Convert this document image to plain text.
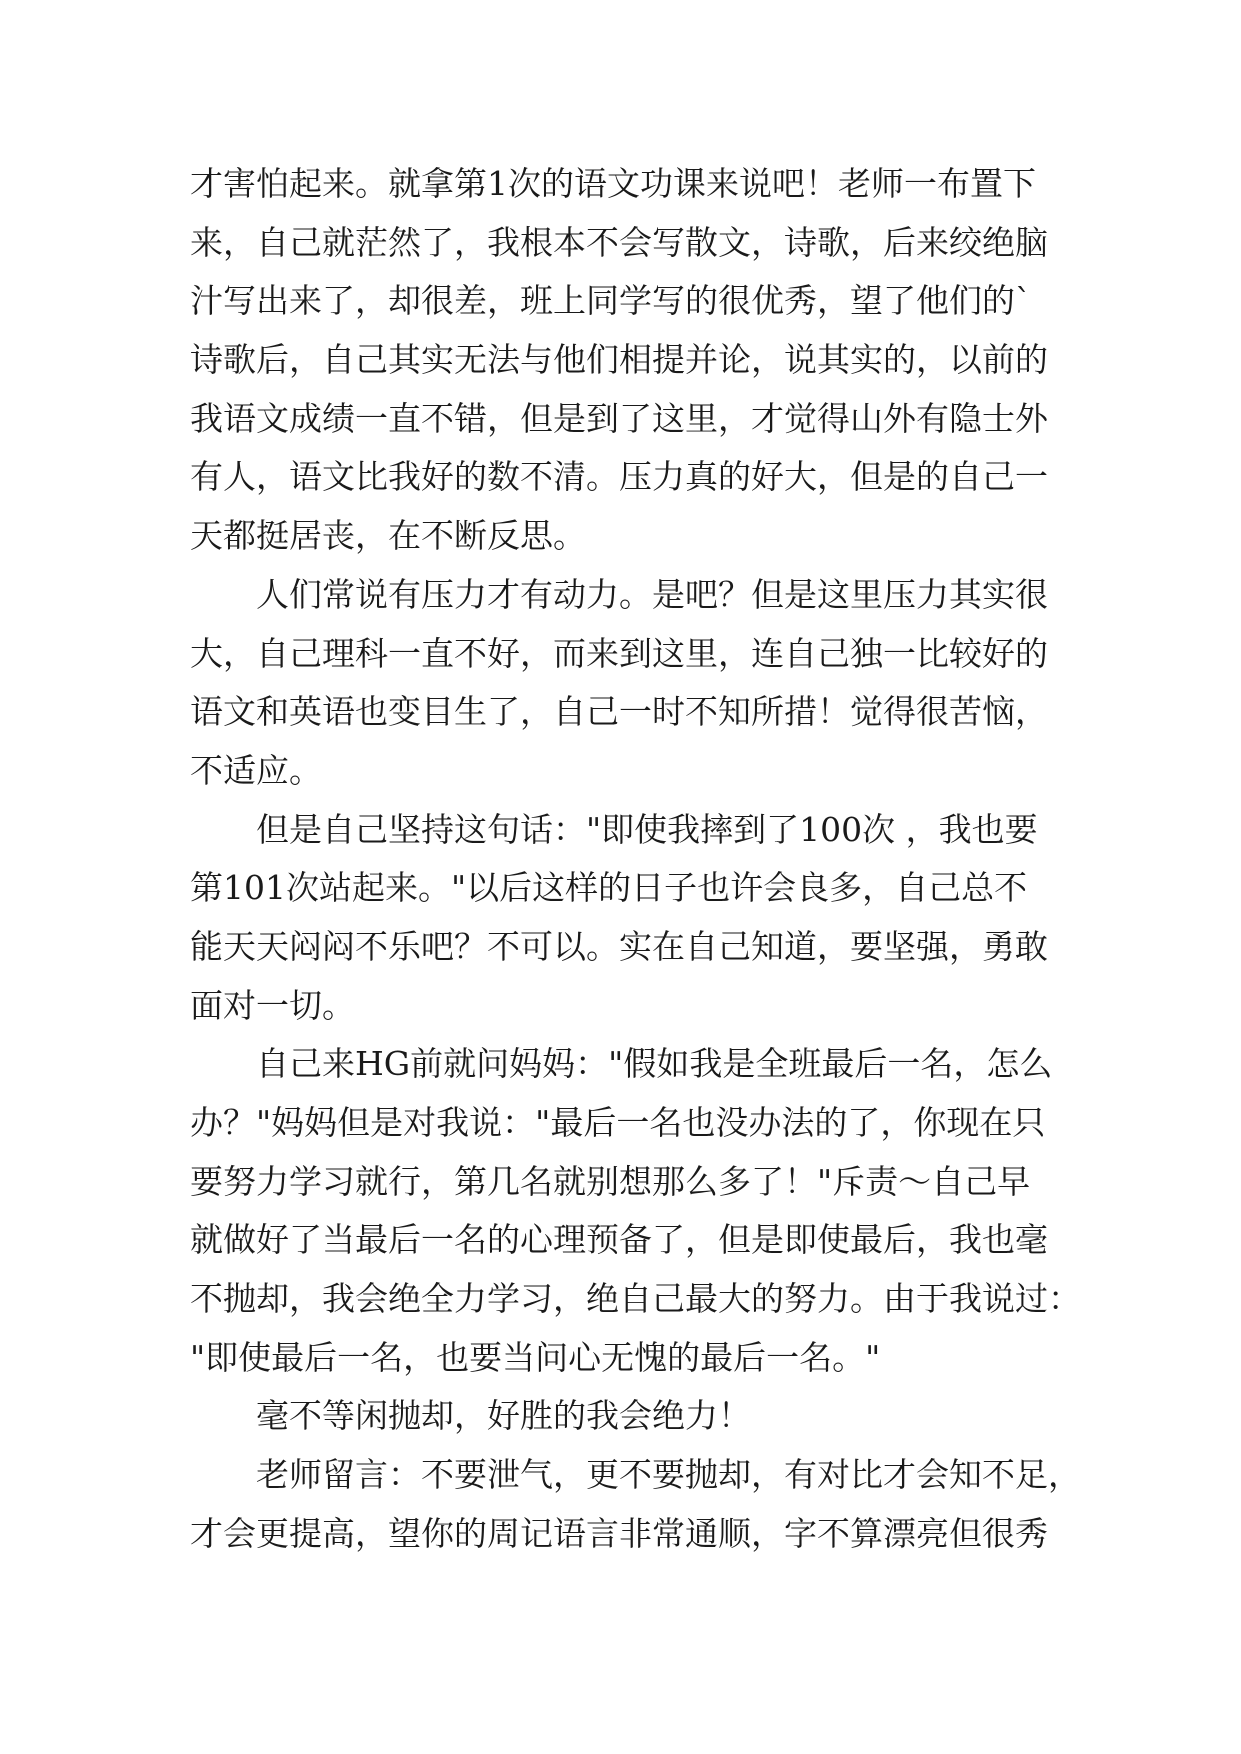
才害怕起来。就拿第1次的语文功课来说吧！老师一布置下
来，自己就茫然了，我根本不会写散文，诗歌，后来绞绝脑
汁写出来了，却很差，班上同学写的很优秀，望了他们的`
诗歌后，自己其实无法与他们相提并论，说其实的，以前的
我语文成绩一直不错，但是到了这里，才觉得山外有隐士外
有人，语文比我好的数不清。压力真的好大，但是的自己一
天都挺居丧，在不断反思。
人们常说有压力才有动力。是吧？但是这里压力其实很
大，自己理科一直不好，而来到这里，连自己独一比较好的
语文和英语也变目生了，自己一时不知所措！觉得很苦恼，
不适应。
但是自己坚持这句话："即使我摔到了100次 ，我也要
第101次站起来。"以后这样的日子也许会良多，自己总不
能天天闷闷不乐吧？不可以。实在自己知道，要坚强，勇敢
面对一切。
自己来HG前就问妈妈："假如我是全班最后一名，怎么
办？"妈妈但是对我说："最后一名也没办法的了，你现在只
要努力学习就行，第几名就别想那么多了！"斥责～自己早
就做好了当最后一名的心理预备了，但是即使最后，我也毫
不抛却，我会绝全力学习，绝自己最大的努力。由于我说过：
"即使最后一名，也要当问心无愧的最后一名。"
毫不等闲抛却，好胜的我会绝力！
老师留言：不要泄气，更不要抛却，有对比才会知不足，
才会更提高，望你的周记语言非常通顺，字不算漂亮但很秀
